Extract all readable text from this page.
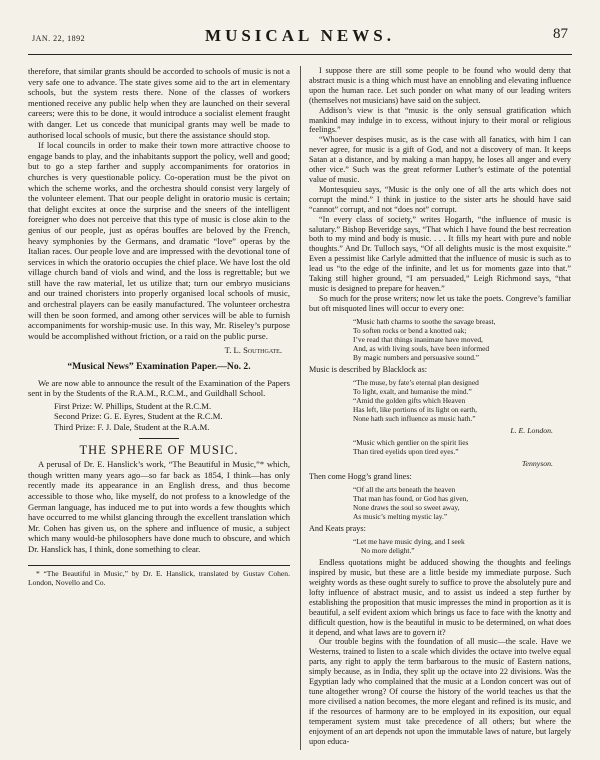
JAN. 22, 1892	MUSICAL NEWS.	87

therefore, that similar grants should be accorded to schools of music is not a very safe one to advance. The state gives some aid to the art in elementary schools, but the system rests there. None of the classes of workers mentioned receive any public help when they are launched on their several careers; were this to be done, it would introduce a socialist element fraught with danger. Let us concede that municipal grants may well be made to authorised local schools of music, but there the assistance should stop.

If local councils in order to make their town more attractive choose to engage bands to play, and the inhabitants support the policy, well and good; but to go a step farther and supply accompaniments for oratorios in churches is very questionable policy. Co-operation must be the pivot on which the scheme works, and the orchestra should consist very largely of the volunteer element. That our people delight in oratorio music is certain; that delight excites at once the surprise and the sneers of the intelligent foreigner who does not perceive that this type of music is close akin to the genius of our people, just as opéras bouffes are beloved by the French, heavy symphonies by the Germans, and dramatic “love” operas by the Italian races. Our people love and are impressed with the devotional tone of services in which the oratorio occupies the chief place. We have lost the old village church band of viols and wind, and the loss is regrettable; but we still have the raw material, let us utilize that; turn our embryo musicians and our trained choristers into properly organised local schools of music, and orchestral players can be easily manufactured. The volunteer orchestra will then be soon formed, and among other services will be able to furnish accompaniments for worship-music use. In this way, Mr. Riseley’s purpose would be accomplished without friction, or a raid on the public purse.

T. L. Southgate.
“Musical News” Examination Paper.—No. 2.

We are now able to announce the result of the Examination of the Papers sent in by the Students of the R.A.M., R.C.M., and Guildhall School.

First Prize: W. Phillips, Student at the R.C.M.
Second Prize: G. E. Eyres, Student at the R.C.M.
Third Prize: F. J. Dale, Student at the R.A.M.
THE SPHERE OF MUSIC.

A perusal of Dr. E. Hanslick’s work, “The Beautiful in Music,”* which, though written many years ago—so far back as 1854, I think—has only recently made its appearance in an English dress, and thus become accessible to those who, like myself, do not profess to a knowledge of the German language, has induced me to put into words a few thoughts which have occurred to me whilst glancing through the excellent translation which Mr. Cohen has given us, on the sphere and influence of music, a subject which many would-be philosophers have done much to obscure, and which Dr. Hanslick has, I think, done something to clear.

* “The Beautiful in Music,” by Dr. E. Hanslick, translated by Gustav Cohen. London, Novello and Co.

I suppose there are still some people to be found who would deny that abstract music is a thing which must have an ennobling and elevating influence upon the human race. Let such ponder on what many of our leading writers (themselves not musicians) have said on the subject.

Addison’s view is that “music is the only sensual gratification which mankind may indulge in to excess, without injury to their moral or religious feelings.”

“Whoever despises music, as is the case with all fanatics, with him I can never agree, for music is a gift of God, and not a discovery of man. It keeps Satan at a distance, and by making a man happy, he loses all anger and every other vice.” Such was the great reformer Luther’s estimate of the potential value of music.

Montesquieu says, “Music is the only one of all the arts which does not corrupt the mind.” I think in justice to the sister arts he should have said “cannot” corrupt, and not “does not” corrupt.

“In every class of society,” writes Hogarth, “the influence of music is salutary.” Bishop Beveridge says, “That which I have found the best recreation both to my mind and body is music. . . . It fills my heart with pure and noble thoughts.” And Dr. Tulloch says, “Of all delights music is the most exquisite.” Even a pessimist like Carlyle admitted that the influence of music is such as to lead us “to the edge of the infinite, and let us for moments gaze into that.” Taking still higher ground, “I am persuaded,” Leigh Richmond says, “that music is designed to prepare for heaven.”

So much for the prose writers; now let us take the poets. Congreve’s familiar but oft misquoted lines will occur to every one:

“Music hath charms to soothe the savage breast,
To soften rocks or bend a knotted oak;
I’ve read that things inanimate have moved,
And, as with living souls, have been informed
By magic numbers and persuasive sound.”

Music is described by Blacklock as:

“The muse, by fate’s eternal plan designed
To light, exalt, and humanise the mind.”
“Amid the golden gifts which Heaven
Has left, like portions of its light on earth,
None hath such influence as music hath.”
L. E. London.
“Music which gentlier on the spirit lies
Than tired eyelids upon tired eyes.”
Tennyson.

Then come Hogg’s grand lines:

“Of all the arts beneath the heaven
That man has found, or God has given,
None draws the soul so sweet away,
As music’s melting mystic lay.”

And Keats prays:

“Let me have music dying, and I seek
No more delight.”

Endless quotations might be adduced showing the thoughts and feelings inspired by music, but these are a little beside my immediate purpose. Such weighty words as these ought surely to suffice to prove the absolutely pure and lofty influence of abstract music, and to assist us indeed a step further by establishing the proposition that music impresses the mind in proportion as it is beautiful, a self evident axiom which brings us face to face with the knotty and difficult question, how is the beautiful in music to be determined, on what does it depend, and what laws are to govern it?

Our trouble begins with the foundation of all music—the scale. Have we Westerns, trained to listen to a scale which divides the octave into twelve equal parts, any right to apply the term barbarous to the music of Eastern nations, simply because, as in India, they split up the octave into 22 divisions. Was the Egyptian lady who complained that the music at a London concert was out of tune altogether wrong? Of course the history of the world teaches us that the more civilised a nation becomes, the more elegant and refined is its music, and if the resources of harmony are to be employed in its exposition, our equal temperament system must take precedence of all others; but where the enjoyment of an art depends not upon the immutable laws of nature, but largely upon educa-
